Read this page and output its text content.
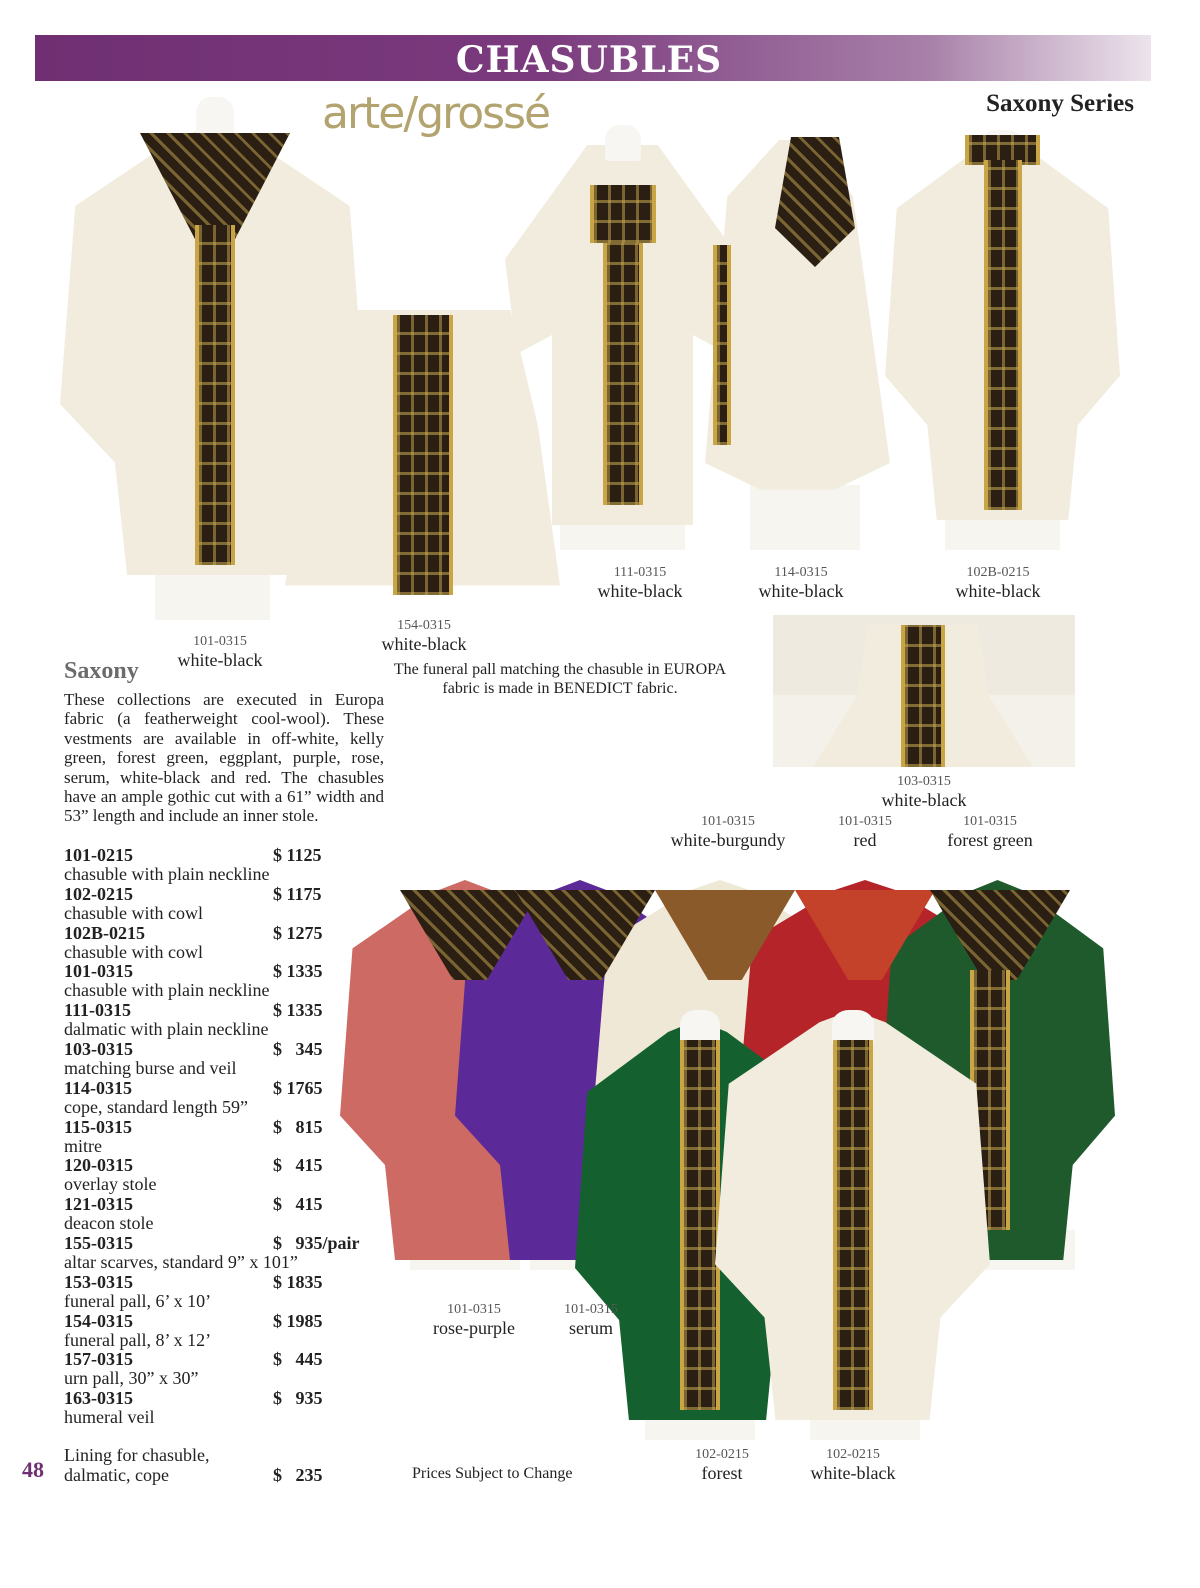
CHASUBLES
arte/grossé	Saxony Series
101-0315
white-black
154-0315
white-black
111-0315
white-black
114-0315
white-black
102B-0215
white-black
103-0315
white-black
101-0315
white-burgundy
101-0315
red
101-0315
forest green
101-0315
rose-purple
101-0315
serum
102-0215
forest
102-0215
white-black
The funeral pall matching the chasuble in EUROPA fabric is made in BENEDICT fabric.
Saxony
These collections are executed in Europa fabric (a featherweight cool-wool). These vestments are available in off-white, kelly green, forest green, eggplant, purple, rose, serum, white-black and red. The chasubles have an ample gothic cut with a 61” width and 53” length and include an inner stole.
101-0215	$ 1125
chasuble with plain neckline
102-0215	$ 1175
chasuble with cowl
102B-0215	$ 1275
chasuble with cowl
101-0315	$ 1335
chasuble with plain neckline
111-0315	$ 1335
dalmatic with plain neckline
103-0315	$   345
matching burse and veil
114-0315	$ 1765
cope, standard length 59”
115-0315	$   815
mitre
120-0315	$   415
overlay stole
121-0315	$   415
deacon stole
155-0315	$   935/pair
altar scarves, standard 9” x 101”
153-0315	$ 1835
funeral pall, 6’ x 10’
154-0315	$ 1985
funeral pall, 8’ x 12’
157-0315	$   445
urn pall, 30” x 30”
163-0315	$   935
humeral veil
Lining for chasuble, dalmatic, cope	$   235
48	Prices Subject to Change
